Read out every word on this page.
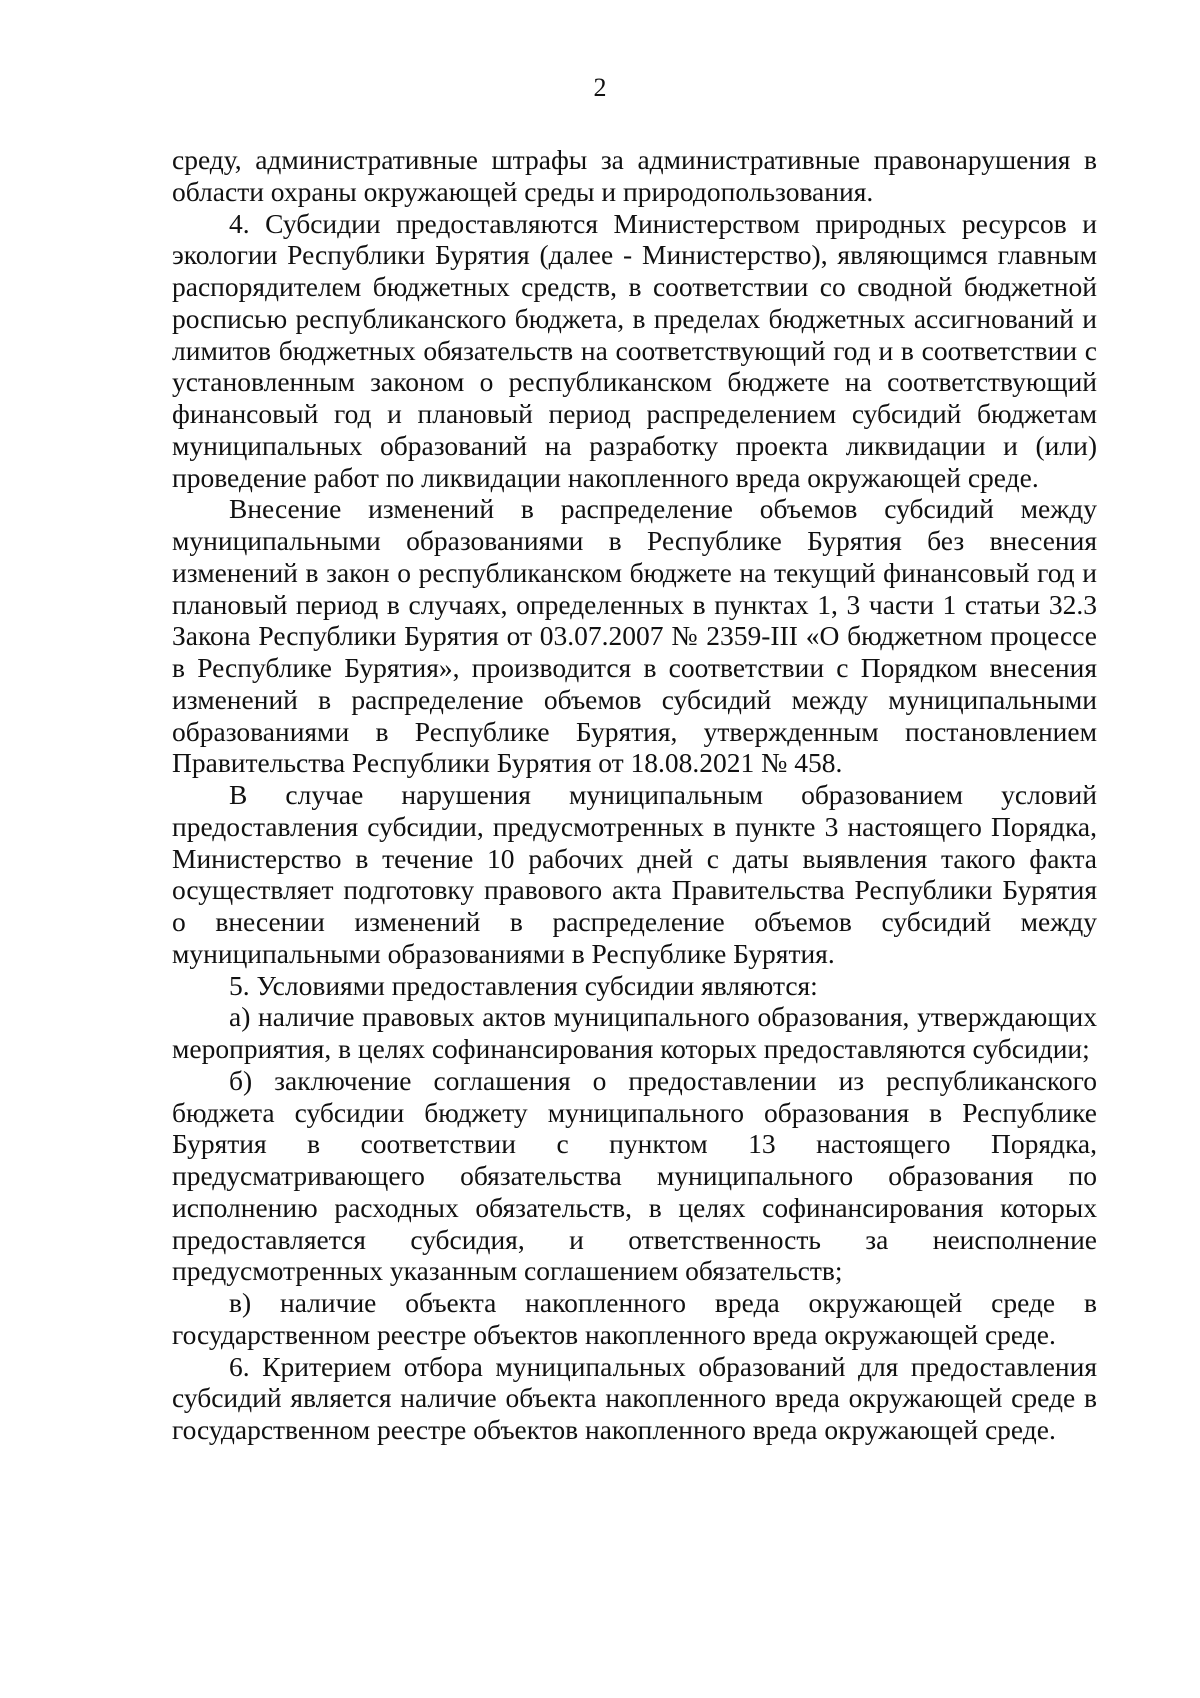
2

среду, административные штрафы за административные правонарушения в области охраны окружающей среды и природопользования.

4. Субсидии предоставляются Министерством природных ресурсов и экологии Республики Бурятия (далее - Министерство), являющимся главным распорядителем бюджетных средств, в соответствии со сводной бюджетной росписью республиканского бюджета, в пределах бюджетных ассигнований и лимитов бюджетных обязательств на соответствующий год и в соответствии с установленным законом о республиканском бюджете на соответствующий финансовый год и плановый период распределением субсидий бюджетам муниципальных образований на разработку проекта ликвидации и (или) проведение работ по ликвидации накопленного вреда окружающей среде.

Внесение изменений в распределение объемов субсидий между муниципальными образованиями в Республике Бурятия без внесения изменений в закон о республиканском бюджете на текущий финансовый год и плановый период в случаях, определенных в пунктах 1, 3 части 1 статьи 32.3 Закона Республики Бурятия от 03.07.2007 № 2359-III «О бюджетном процессе в Республике Бурятия», производится в соответствии с Порядком внесения изменений в распределение объемов субсидий между муниципальными образованиями в Республике Бурятия, утвержденным постановлением Правительства Республики Бурятия от 18.08.2021 № 458.

В случае нарушения муниципальным образованием условий предоставления субсидии, предусмотренных в пункте 3 настоящего Порядка, Министерство в течение 10 рабочих дней с даты выявления такого факта осуществляет подготовку правового акта Правительства Республики Бурятия о внесении изменений в распределение объемов субсидий между муниципальными образованиями в Республике Бурятия.

5. Условиями предоставления субсидии являются:

а) наличие правовых актов муниципального образования, утверждающих мероприятия, в целях софинансирования которых предоставляются субсидии;

б) заключение соглашения о предоставлении из республиканского бюджета субсидии бюджету муниципального образования в Республике Бурятия в соответствии с пунктом 13 настоящего Порядка, предусматривающего обязательства муниципального образования по исполнению расходных обязательств, в целях софинансирования которых предоставляется субсидия, и ответственность за неисполнение предусмотренных указанным соглашением обязательств;

в) наличие объекта накопленного вреда окружающей среде в государственном реестре объектов накопленного вреда окружающей среде.

6. Критерием отбора муниципальных образований для предоставления субсидий является наличие объекта накопленного вреда окружающей среде в государственном реестре объектов накопленного вреда окружающей среде.
